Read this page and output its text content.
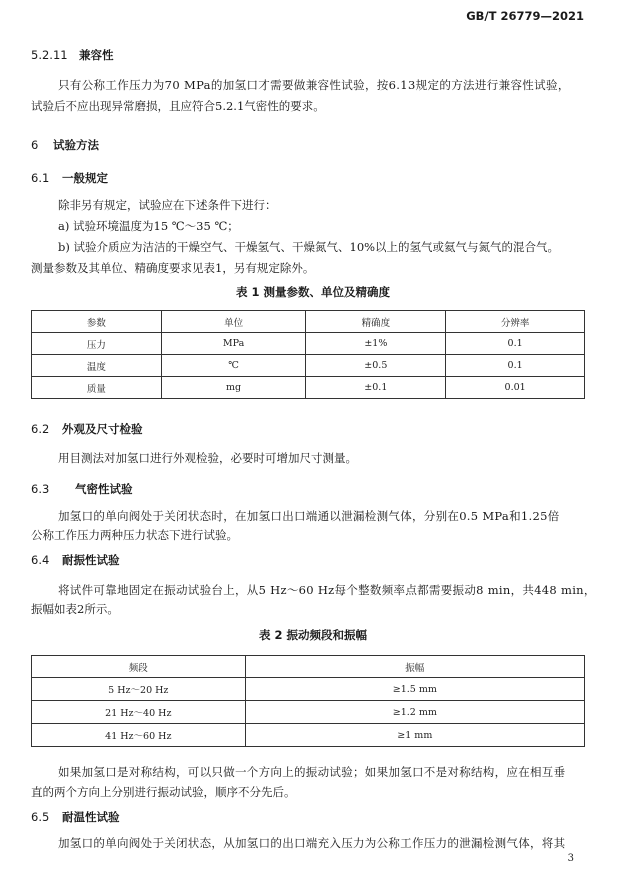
GB/T 26779—2021
5.2.11 兼容性
只有公称工作压力为70 MPa的加氢口才需要做兼容性试验，按6.13规定的方法进行兼容性试验，
试验后不应出现异常磨损，且应符合5.2.1气密性的要求。
6 试验方法
6.1 一般规定
除非另有规定，试验应在下述条件下进行：
a) 试验环境温度为15 ℃～35 ℃；
b) 试验介质应为洁洁的干燥空气、干燥氢气、干燥氮气、10%以上的氢气或氦气与氮气的混合气。
测量参数及其单位、精确度要求见表1，另有规定除外。
表 1 测量参数、单位及精确度
参数	单位	精确度	分辨率
压力	MPa	±1%	0.1
温度	℃	±0.5	0.1
质量	mg	±0.1	0.01
6.2 外观及尺寸检验
用目测法对加氢口进行外观检验，必要时可增加尺寸测量。
6.3 气密性试验
加氢口的单向阀处于关闭状态时，在加氢口出口端通以泄漏检测气体，分别在0.5 MPa和1.25倍
公称工作压力两种压力状态下进行试验。
6.4 耐振性试验
将试件可靠地固定在振动试验台上，从5 Hz～60 Hz每个整数频率点都需要振动8 min，共448 min，
振幅如表2所示。
表 2 振动频段和振幅
频段	振幅
5 Hz～20 Hz	≥1.5 mm
21 Hz～40 Hz	≥1.2 mm
41 Hz～60 Hz	≥1 mm
如果加氢口是对称结构，可以只做一个方向上的振动试验；如果加氢口不是对称结构，应在相互垂
直的两个方向上分别进行振动试验，顺序不分先后。
6.5 耐温性试验
加氢口的单向阀处于关闭状态，从加氢口的出口端充入压力为公称工作压力的泄漏检测气体，将其
3
